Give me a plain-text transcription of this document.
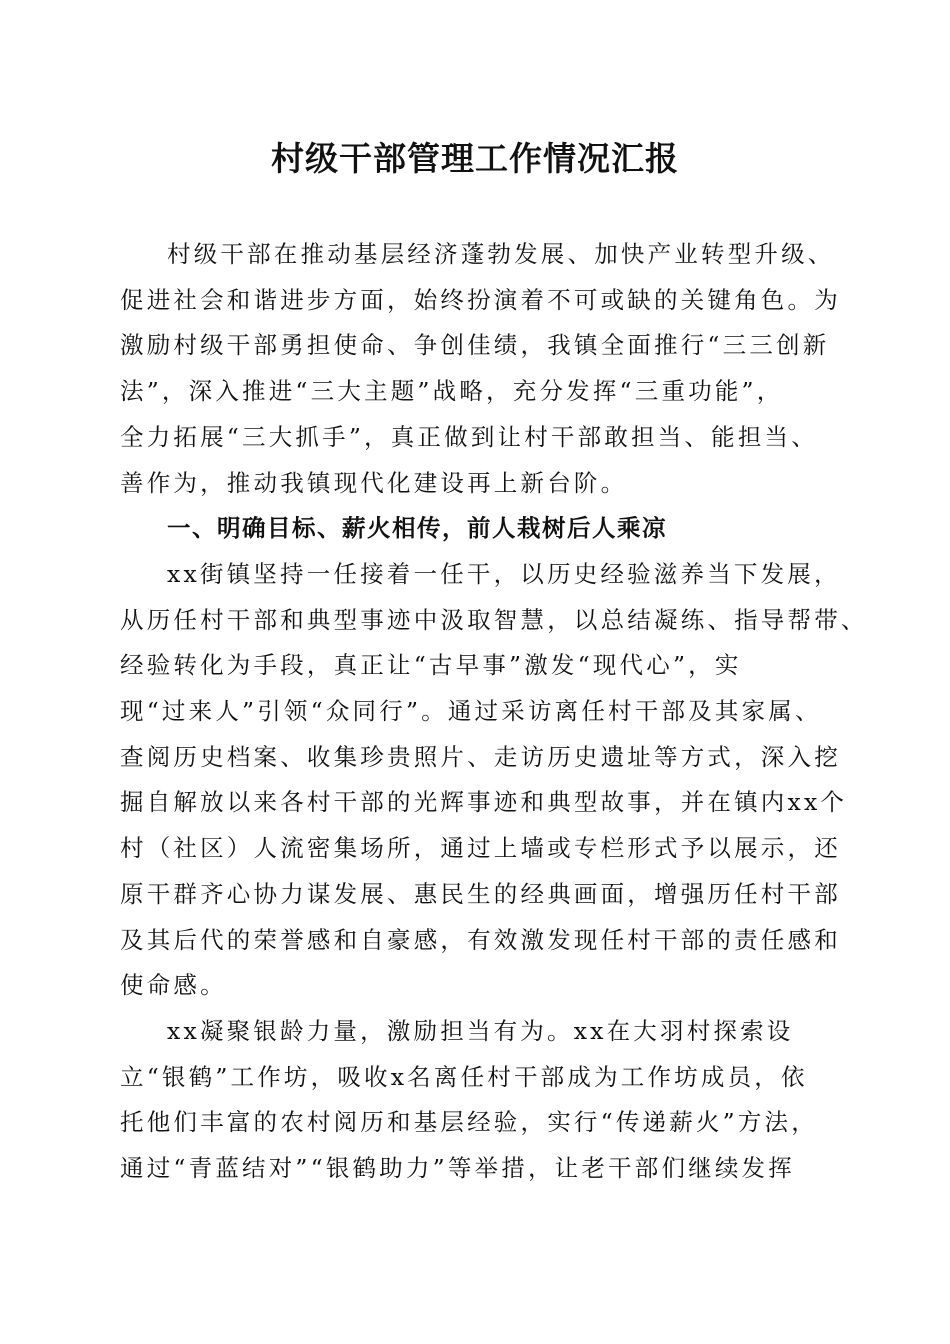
村级干部管理工作情况汇报

村级干部在推动基层经济蓬勃发展、加快产业转型升级、
促进社会和谐进步方面，始终扮演着不可或缺的关键角色。为
激励村级干部勇担使命、争创佳绩，我镇全面推行“三三创新
法”，深入推进“三大主题”战略，充分发挥“三重功能”，
全力拓展“三大抓手”，真正做到让村干部敢担当、能担当、
善作为，推动我镇现代化建设再上新台阶。

一、明确目标、薪火相传，前人栽树后人乘凉

xx街镇坚持一任接着一任干，以历史经验滋养当下发展，
从历任村干部和典型事迹中汲取智慧，以总结凝练、指导帮带、
经验转化为手段，真正让“古早事”激发“现代心”，实
现“过来人”引领“众同行”。通过采访离任村干部及其家属、
查阅历史档案、收集珍贵照片、走访历史遗址等方式，深入挖
掘自解放以来各村干部的光辉事迹和典型故事，并在镇内xx个
村（社区）人流密集场所，通过上墙或专栏形式予以展示，还
原干群齐心协力谋发展、惠民生的经典画面，增强历任村干部
及其后代的荣誉感和自豪感，有效激发现任村干部的责任感和
使命感。

xx凝聚银龄力量，激励担当有为。xx在大羽村探索设
立“银鹤”工作坊，吸收x名离任村干部成为工作坊成员，依
托他们丰富的农村阅历和基层经验，实行“传递薪火”方法，
通过“青蓝结对”“银鹤助力”等举措，让老干部们继续发挥
